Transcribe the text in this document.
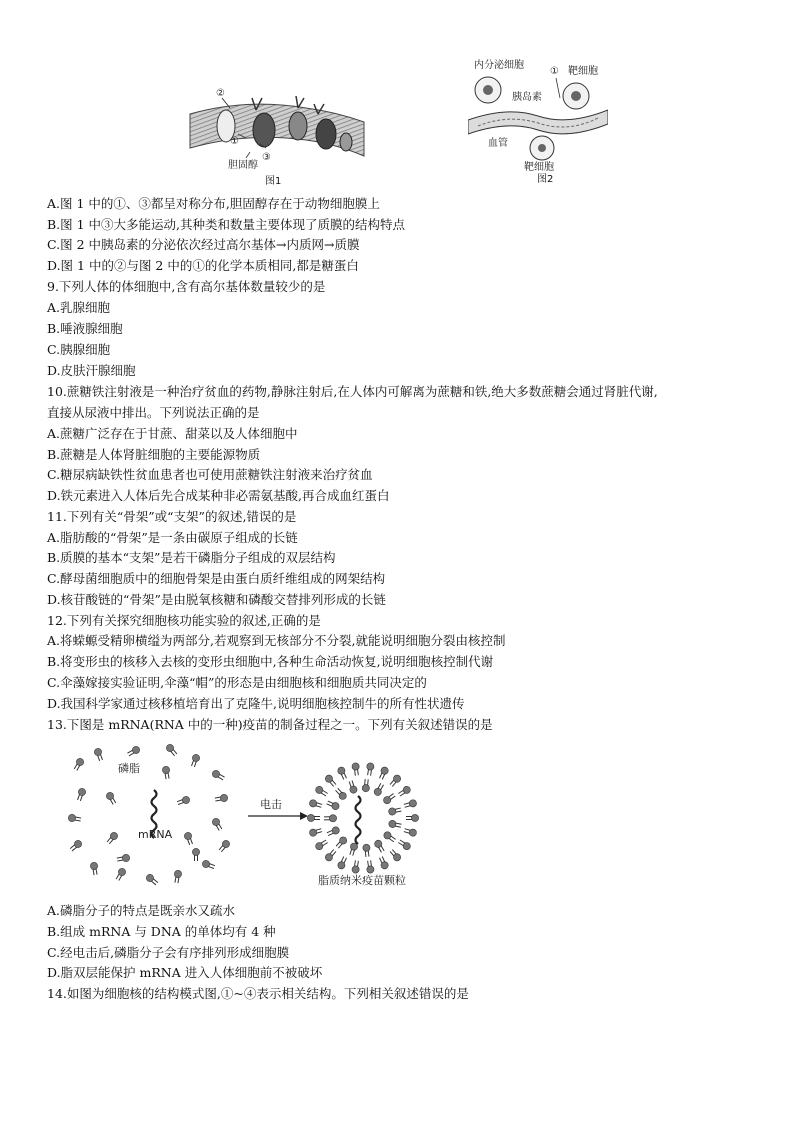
②
①
③
胆固醇
图1
内分泌细胞
胰岛素
① 靶细胞
血管
靶细胞
图2
A.图 1 中的①、③都呈对称分布,胆固醇存在于动物细胞膜上
B.图 1 中③大多能运动,其种类和数量主要体现了质膜的结构特点
C.图 2 中胰岛素的分泌依次经过高尔基体→内质网→质膜
D.图 1 中的②与图 2 中的①的化学本质相同,都是糖蛋白
9.下列人体的体细胞中,含有高尔基体数量较少的是
A.乳腺细胞
B.唾液腺细胞
C.胰腺细胞
D.皮肤汗腺细胞
10.蔗糖铁注射液是一种治疗贫血的药物,静脉注射后,在人体内可解离为蔗糖和铁,绝大多数蔗糖会通过肾脏代谢,
直接从尿液中排出。下列说法正确的是
A.蔗糖广泛存在于甘蔗、甜菜以及人体细胞中
B.蔗糖是人体肾脏细胞的主要能源物质
C.糖尿病缺铁性贫血患者也可使用蔗糖铁注射液来治疗贫血
D.铁元素进入人体后先合成某种非必需氨基酸,再合成血红蛋白
11.下列有关“骨架”或“支架”的叙述,错误的是
A.脂肪酸的“骨架”是一条由碳原子组成的长链
B.质膜的基本“支架”是若干磷脂分子组成的双层结构
C.酵母菌细胞质中的细胞骨架是由蛋白质纤维组成的网架结构
D.核苷酸链的“骨架”是由脱氧核糖和磷酸交替排列形成的长链
12.下列有关探究细胞核功能实验的叙述,正确的是
A.将蝾螈受精卵横缢为两部分,若观察到无核部分不分裂,就能说明细胞分裂由核控制
B.将变形虫的核移入去核的变形虫细胞中,各种生命活动恢复,说明细胞核控制代谢
C.伞藻嫁接实验证明,伞藻“帽”的形态是由细胞核和细胞质共同决定的
D.我国科学家通过核移植培育出了克隆牛,说明细胞核控制牛的所有性状遗传
13.下图是 mRNA(RNA 中的一种)疫苗的制备过程之一。下列有关叙述错误的是
磷脂
mRNA
电击
脂质纳米疫苗颗粒
A.磷脂分子的特点是既亲水又疏水
B.组成 mRNA 与 DNA 的单体均有 4 种
C.经电击后,磷脂分子会有序排列形成细胞膜
D.脂双层能保护 mRNA 进入人体细胞前不被破坏
14.如图为细胞核的结构模式图,①~④表示相关结构。下列相关叙述错误的是
